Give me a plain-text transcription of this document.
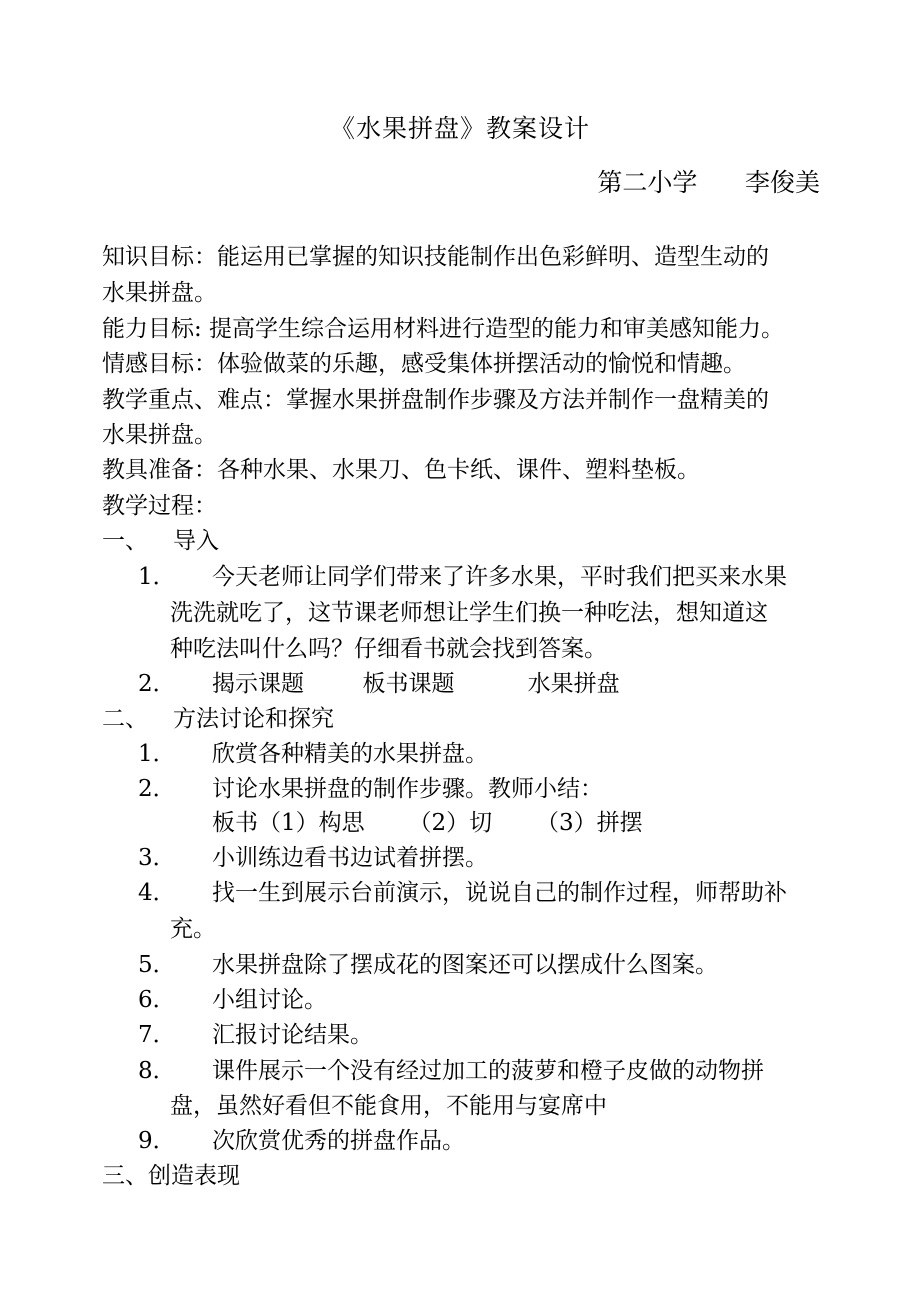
《水果拼盘》教案设计
第二小学      李俊美
知识目标：能运用已掌握的知识技能制作出色彩鲜明、造型生动的
水果拼盘。
能力目标: 提高学生综合运用材料进行造型的能力和审美感知能力。
情感目标：体验做菜的乐趣，感受集体拼摆活动的愉悦和情趣。
教学重点、难点：掌握水果拼盘制作步骤及方法并制作一盘精美的
水果拼盘。
教具准备：各种水果、水果刀、色卡纸、课件、塑料垫板。
教学过程：
一、 导入
1． 今天老师让同学们带来了许多水果，平时我们把买来水果
洗洗就吃了，这节课老师想让学生们换一种吃法，想知道这
种吃法叫什么吗？仔细看书就会找到答案。
2． 揭示课题        板书课题          水果拼盘
二、 方法讨论和探究
1． 欣赏各种精美的水果拼盘。
2． 讨论水果拼盘的制作步骤。教师小结：
板书（1）构思      （2）切      （3）拼摆
3． 小训练边看书边试着拼摆。
4． 找一生到展示台前演示，说说自己的制作过程，师帮助补
充。
5． 水果拼盘除了摆成花的图案还可以摆成什么图案。
6． 小组讨论。
7． 汇报讨论结果。
8． 课件展示一个没有经过加工的菠萝和橙子皮做的动物拼
盘，虽然好看但不能食用，不能用与宴席中
9． 次欣赏优秀的拼盘作品。
三、创造表现
